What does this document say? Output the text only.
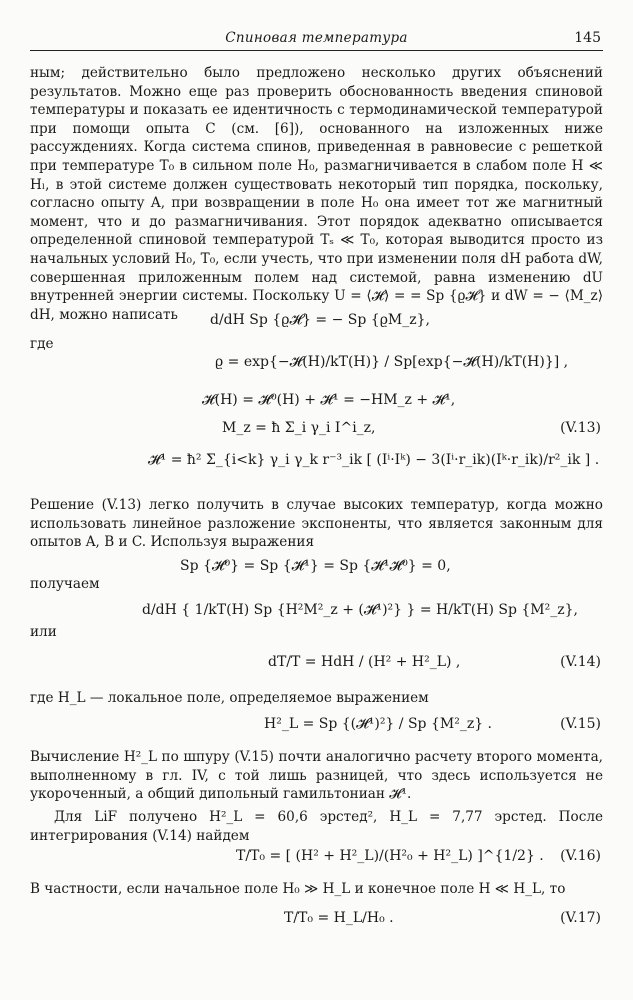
Спиновая температура	145
ным; действительно было предложено несколько других объяснений результатов. Можно еще раз проверить обоснованность введения спиновой температуры и показать ее идентичность с термодинамической температурой при помощи опыта C (см. [6]), основанного на изложенных ниже рассуждениях. Когда система спинов, приведенная в равновесие с решеткой при температуре T₀ в сильном поле H₀, размагничивается в слабом поле H ≪ Hₗ, в этой системе должен существовать некоторый тип порядка, поскольку, согласно опыту A, при возвращении в поле H₀ она имеет тот же магнитный момент, что и до размагничивания. Этот порядок адекватно описывается определенной спиновой температурой Tₛ ≪ T₀, которая выводится просто из начальных условий H₀, T₀, если учесть, что при изменении поля dH работа dW, совершенная приложенным полем над системой, равна изменению dU внутренней энергии системы. Поскольку U = ⟨𝓗⟩ = = Sp {ϱ𝓗} и dW = − ⟨M_z⟩ dH, можно написать	d/dH Sp {ϱ𝓗} = − Sp {ϱM_z},
где
ϱ = exp{−𝓗(H)/kT(H)} / Sp[exp{−𝓗(H)/kT(H)}] ,
𝓗(H) = 𝓗⁰(H) + 𝓗¹ = −HM_z + 𝓗¹,
M_z = ħ Σ_i γ_i I^i_z,	(V.13)
𝓗¹ = ħ² Σ_{i<k} γ_i γ_k r⁻³_ik [ (Iⁱ·Iᵏ) − 3(Iⁱ·r_ik)(Iᵏ·r_ik)/r²_ik ] .
Решение (V.13) легко получить в случае высоких температур, когда можно использовать линейное разложение экспоненты, что является законным для опытов A, B и C. Используя выражения
Sp {𝓗⁰} = Sp {𝓗¹} = Sp {𝓗¹𝓗⁰} = 0,
получаем
d/dH { 1/kT(H) Sp {H²M²_z + (𝓗¹)²} } = H/kT(H) Sp {M²_z},
или
dT/T = HdH / (H² + H²_L) ,	(V.14)
где H_L — локальное поле, определяемое выражением
H²_L = Sp {(𝓗¹)²} / Sp {M²_z} .	(V.15)
Вычисление H²_L по шпуру (V.15) почти аналогично расчету второго момента, выполненному в гл. IV, с той лишь разницей, что здесь используется не укороченный, а общий дипольный гамильтониан 𝓗¹.
Для LiF получено H²_L = 60,6 эрстед², H_L = 7,77 эрстед. После интегрирования (V.14) найдем
T/T₀ = [ (H² + H²_L)/(H²₀ + H²_L) ]^{1/2} . (V.16)
В частности, если начальное поле H₀ ≫ H_L и конечное поле H ≪ H_L, то
T/T₀ = H_L/H₀ .	(V.17)
